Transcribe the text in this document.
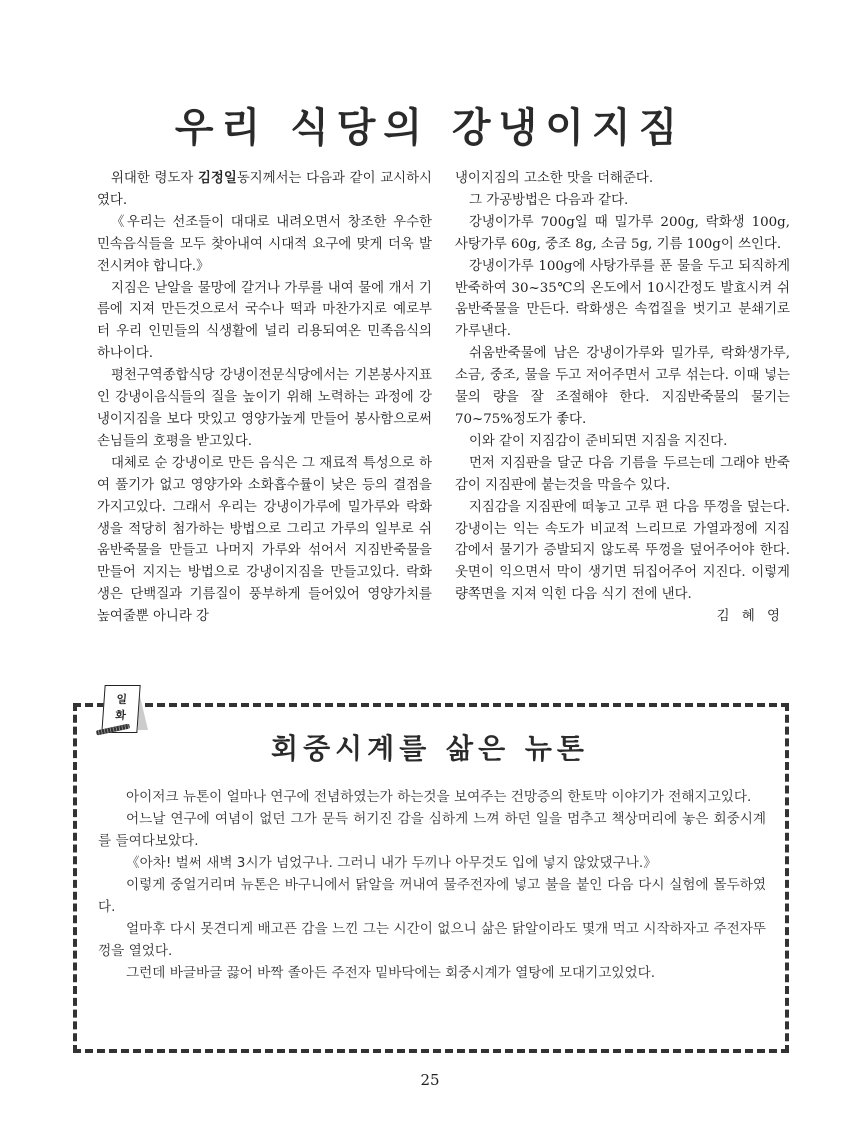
우리 식당의 강냉이지짐

위대한 령도자 김정일동지께서는 다음과 같이 교시하시였다.

《우리는 선조들이 대대로 내려오면서 창조한 우수한 민속음식들을 모두 찾아내여 시대적 요구에 맞게 더욱 발전시켜야 합니다.》

지짐은 낟알을 물망에 갈거나 가루를 내여 물에 개서 기름에 지져 만든것으로서 국수나 떡과 마찬가지로 예로부터 우리 인민들의 식생활에 널리 리용되여온 민족음식의 하나이다.

평천구역종합식당 강냉이전문식당에서는 기본봉사지표인 강냉이음식들의 질을 높이기 위해 노력하는 과정에 강냉이지짐을 보다 맛있고 영양가높게 만들어 봉사함으로써 손님들의 호평을 받고있다.

대체로 순 강냉이로 만든 음식은 그 재료적 특성으로 하여 풀기가 없고 영양가와 소화흡수률이 낮은 등의 결점을 가지고있다. 그래서 우리는 강냉이가루에 밀가루와 락화생을 적당히 첨가하는 방법으로 그리고 가루의 일부로 쉬움반죽물을 만들고 나머지 가루와 섞어서 지짐반죽물을 만들어 지지는 방법으로 강냉이지짐을 만들고있다. 락화생은 단백질과 기름질이 풍부하게 들어있어 영양가치를 높여줄뿐 아니라 강

냉이지짐의 고소한 맛을 더해준다.

그 가공방법은 다음과 같다.

강냉이가루 700g일 때 밀가루 200g, 락화생 100g, 사탕가루 60g, 중조 8g, 소금 5g, 기름 100g이 쓰인다.

강냉이가루 100g에 사탕가루를 푼 물을 두고 되직하게 반죽하여 30~35℃의 온도에서 10시간정도 발효시켜 쉬움반죽물을 만든다. 락화생은 속껍질을 벗기고 분쇄기로 가루낸다.

쉬움반죽물에 남은 강냉이가루와 밀가루, 락화생가루, 소금, 중조, 물을 두고 저어주면서 고루 섞는다. 이때 넣는 물의 량을 잘 조절해야 한다. 지짐반죽물의 물기는 70~75%정도가 좋다.

이와 같이 지짐감이 준비되면 지짐을 지진다.

먼저 지짐판을 달군 다음 기름을 두르는데 그래야 반죽감이 지짐판에 붙는것을 막을수 있다.

지짐감을 지짐판에 떠놓고 고루 편 다음 뚜껑을 덮는다. 강냉이는 익는 속도가 비교적 느리므로 가열과정에 지짐감에서 물기가 증발되지 않도록 뚜껑을 덮어주어야 한다. 웃면이 익으면서 막이 생기면 뒤집어주어 지진다. 이렇게 량쪽면을 지져 익힌 다음 식기 전에 낸다.

김 혜 영

일
화
회중시계를 삶은 뉴톤

아이저크 뉴톤이 얼마나 연구에 전념하였는가 하는것을 보여주는 건망증의 한토막 이야기가 전해지고있다.

어느날 연구에 여념이 없던 그가 문득 허기진 감을 심하게 느껴 하던 일을 멈추고 책상머리에 놓은 회중시계를 들여다보았다.

《아차! 벌써 새벽 3시가 넘었구나. 그러니 내가 두끼나 아무것도 입에 넣지 않았댔구나.》

이렇게 중얼거리며 뉴톤은 바구니에서 닭알을 꺼내여 물주전자에 넣고 불을 붙인 다음 다시 실험에 몰두하였다.

얼마후 다시 못견디게 배고픈 감을 느낀 그는 시간이 없으니 삶은 닭알이라도 몇개 먹고 시작하자고 주전자뚜껑을 열었다.

그런데 바글바글 끓어 바짝 졸아든 주전자 밑바닥에는 회중시계가 열탕에 모대기고있었다.

25
